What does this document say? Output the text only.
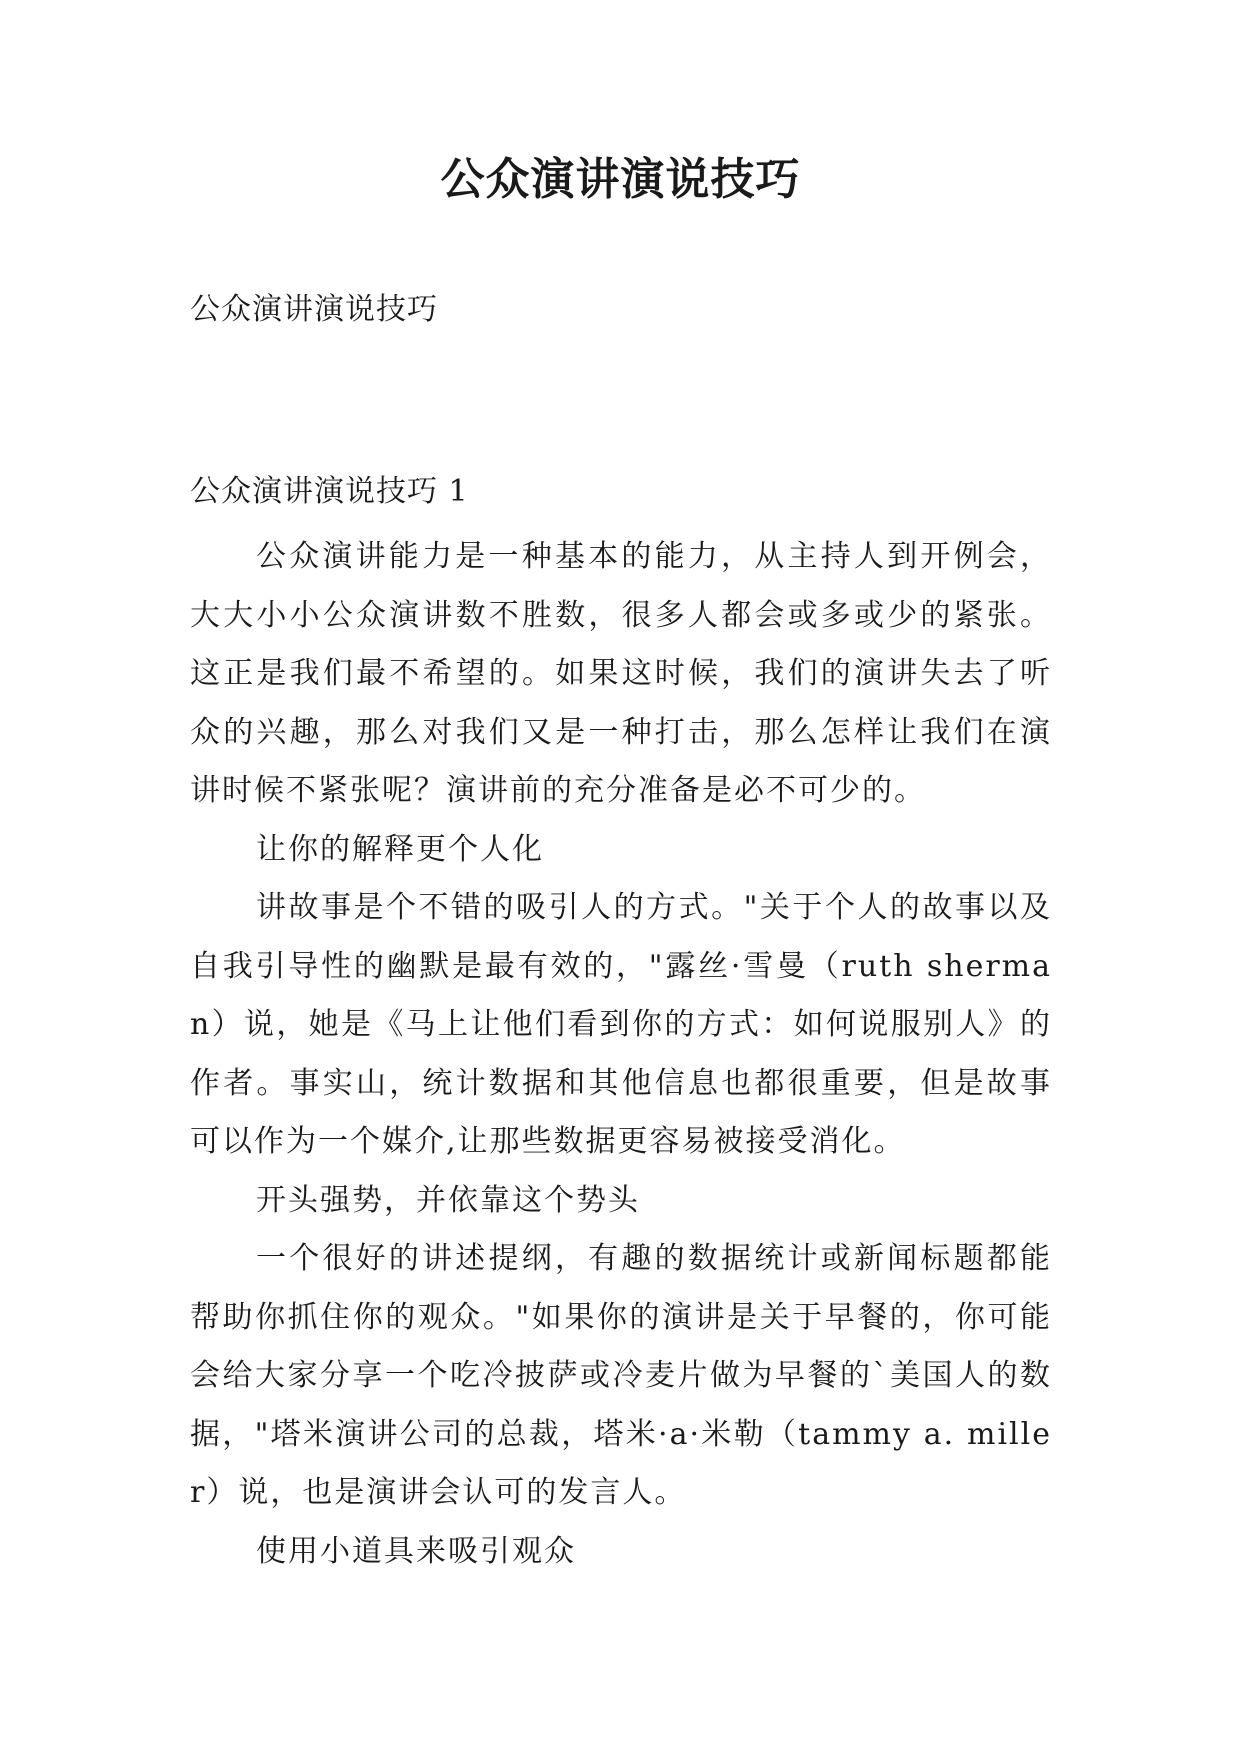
公众演讲演说技巧
公众演讲演说技巧
公众演讲演说技巧 1

公众演讲能力是一种基本的能力，从主持人到开例会，大大小小公众演讲数不胜数，很多人都会或多或少的紧张。这正是我们最不希望的。如果这时候，我们的演讲失去了听众的兴趣，那么对我们又是一种打击，那么怎样让我们在演讲时候不紧张呢？演讲前的充分准备是必不可少的。

让你的解释更个人化

讲故事是个不错的吸引人的方式。"关于个人的故事以及自我引导性的幽默是最有效的，"露丝·雪曼（ruth sherman）说，她是《马上让他们看到你的方式：如何说服别人》的作者。事实山，统计数据和其他信息也都很重要，但是故事可以作为一个媒介,让那些数据更容易被接受消化。

开头强势，并依靠这个势头

一个很好的讲述提纲，有趣的数据统计或新闻标题都能帮助你抓住你的观众。"如果你的演讲是关于早餐的，你可能会给大家分享一个吃冷披萨或冷麦片做为早餐的`美国人的数据，"塔米演讲公司的总裁，塔米·a·米勒（tammy a. miller）说，也是演讲会认可的发言人。

使用小道具来吸引观众
